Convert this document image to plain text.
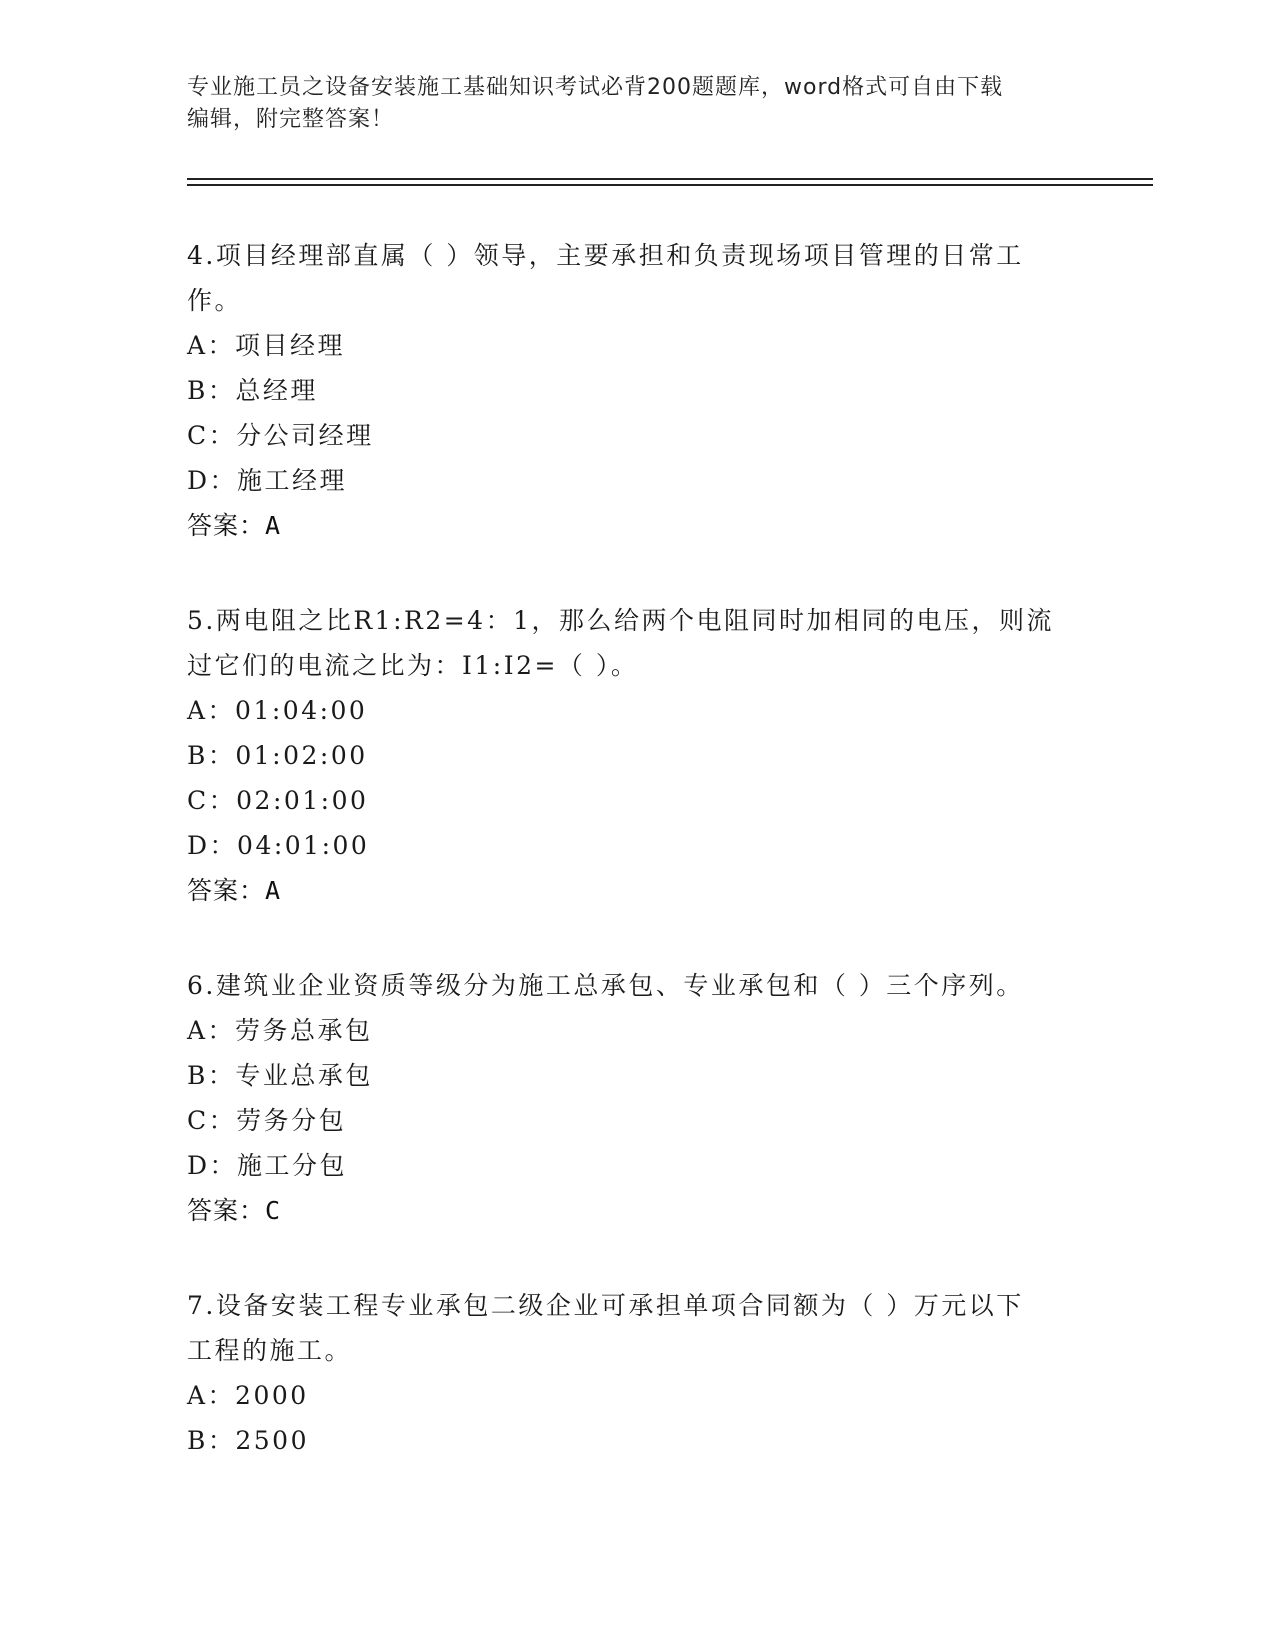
专业施工员之设备安装施工基础知识考试必背200题题库，word格式可自由下载
编辑，附完整答案！
4.项目经理部直属（ ）领导，主要承担和负责现场项目管理的日常工
作。
A：项目经理
B：总经理
C：分公司经理
D：施工经理
答案：A
5.两电阻之比R1:R2=4：1，那么给两个电阻同时加相同的电压，则流
过它们的电流之比为：I1:I2=（ ）。
A：01:04:00
B：01:02:00
C：02:01:00
D：04:01:00
答案：A
6.建筑业企业资质等级分为施工总承包、专业承包和（ ）三个序列。
A：劳务总承包
B：专业总承包
C：劳务分包
D：施工分包
答案：C
7.设备安装工程专业承包二级企业可承担单项合同额为（ ）万元以下
工程的施工。
A：2000
B：2500
